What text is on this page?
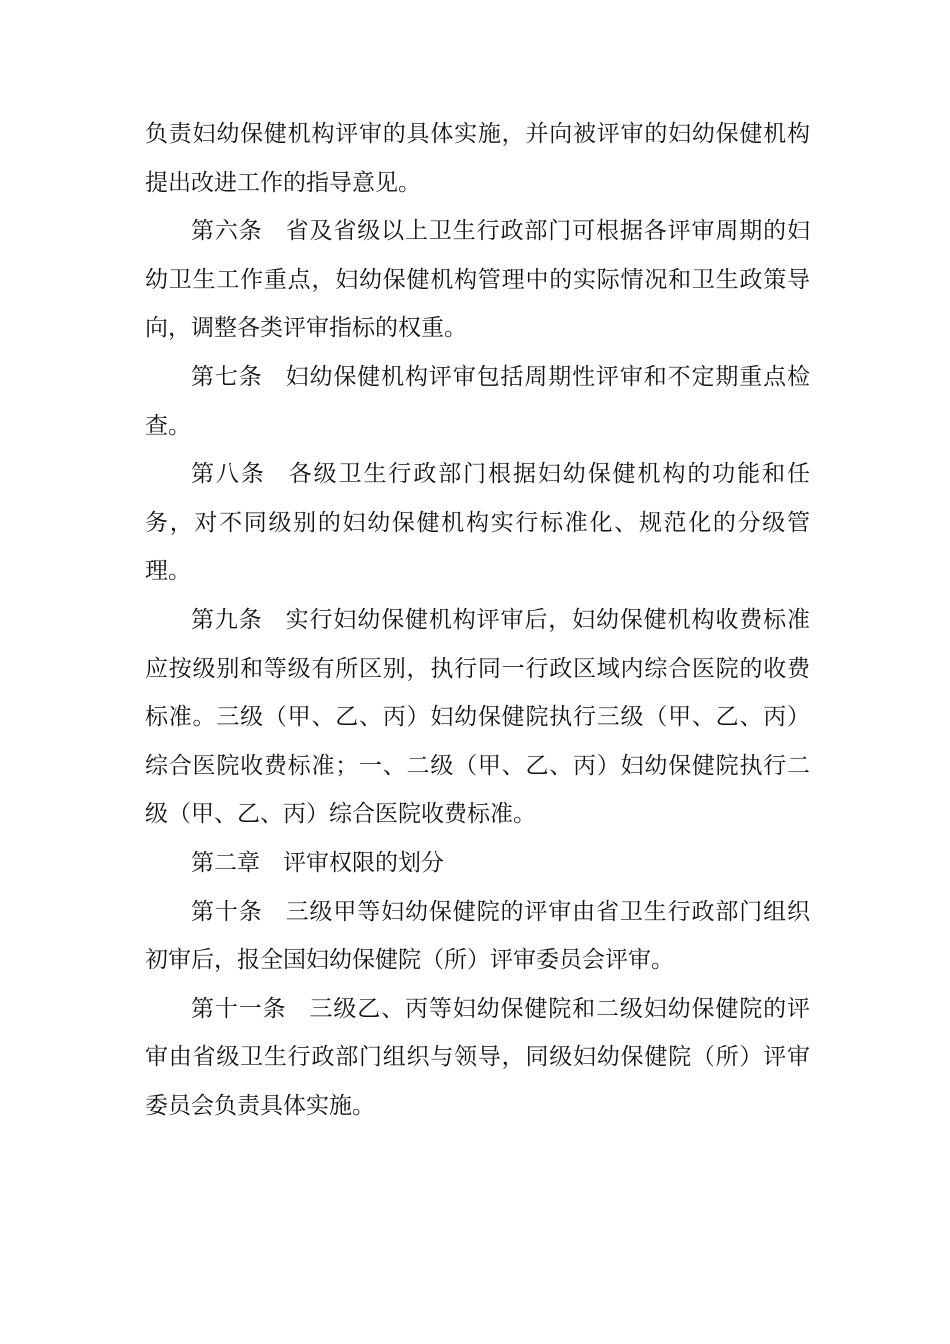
负责妇幼保健机构评审的具体实施，并向被评审的妇幼保健机构提出改进工作的指导意见。

第六条 省及省级以上卫生行政部门可根据各评审周期的妇幼卫生工作重点，妇幼保健机构管理中的实际情况和卫生政策导向，调整各类评审指标的权重。

第七条 妇幼保健机构评审包括周期性评审和不定期重点检查。

第八条 各级卫生行政部门根据妇幼保健机构的功能和任务，对不同级别的妇幼保健机构实行标准化、规范化的分级管理。

第九条 实行妇幼保健机构评审后，妇幼保健机构收费标准应按级别和等级有所区别，执行同一行政区域内综合医院的收费标准。三级（甲、乙、丙）妇幼保健院执行三级（甲、乙、丙）综合医院收费标准；一、二级（甲、乙、丙）妇幼保健院执行二级（甲、乙、丙）综合医院收费标准。

第二章 评审权限的划分

第十条 三级甲等妇幼保健院的评审由省卫生行政部门组织初审后，报全国妇幼保健院（所）评审委员会评审。

第十一条 三级乙、丙等妇幼保健院和二级妇幼保健院的评审由省级卫生行政部门组织与领导，同级妇幼保健院（所）评审委员会负责具体实施。
